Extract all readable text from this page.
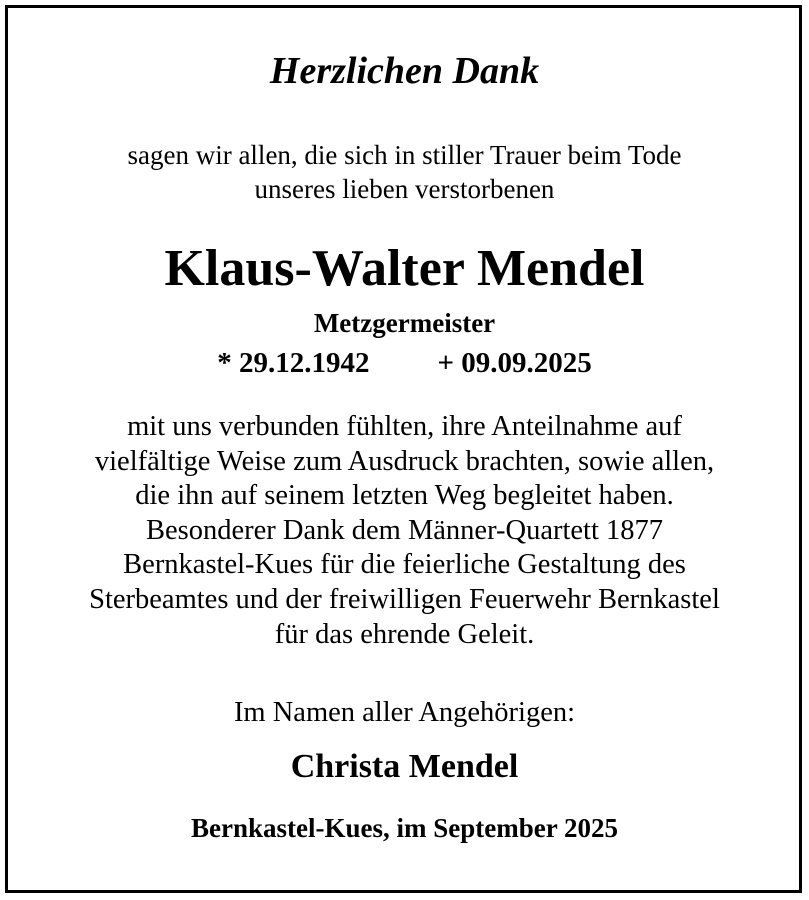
Herzlichen Dank
sagen wir allen, die sich in stiller Trauer beim Tode
unseres lieben verstorbenen
Klaus-Walter Mendel
Metzgermeister
* 29.12.1942 + 09.09.2025
mit uns verbunden fühlten, ihre Anteilnahme auf
vielfältige Weise zum Ausdruck brachten, sowie allen,
die ihn auf seinem letzten Weg begleitet haben.
Besonderer Dank dem Männer-Quartett 1877
Bernkastel-Kues für die feierliche Gestaltung des
Sterbeamtes und der freiwilligen Feuerwehr Bernkastel
für das ehrende Geleit.
Im Namen aller Angehörigen:
Christa Mendel
Bernkastel-Kues, im September 2025
